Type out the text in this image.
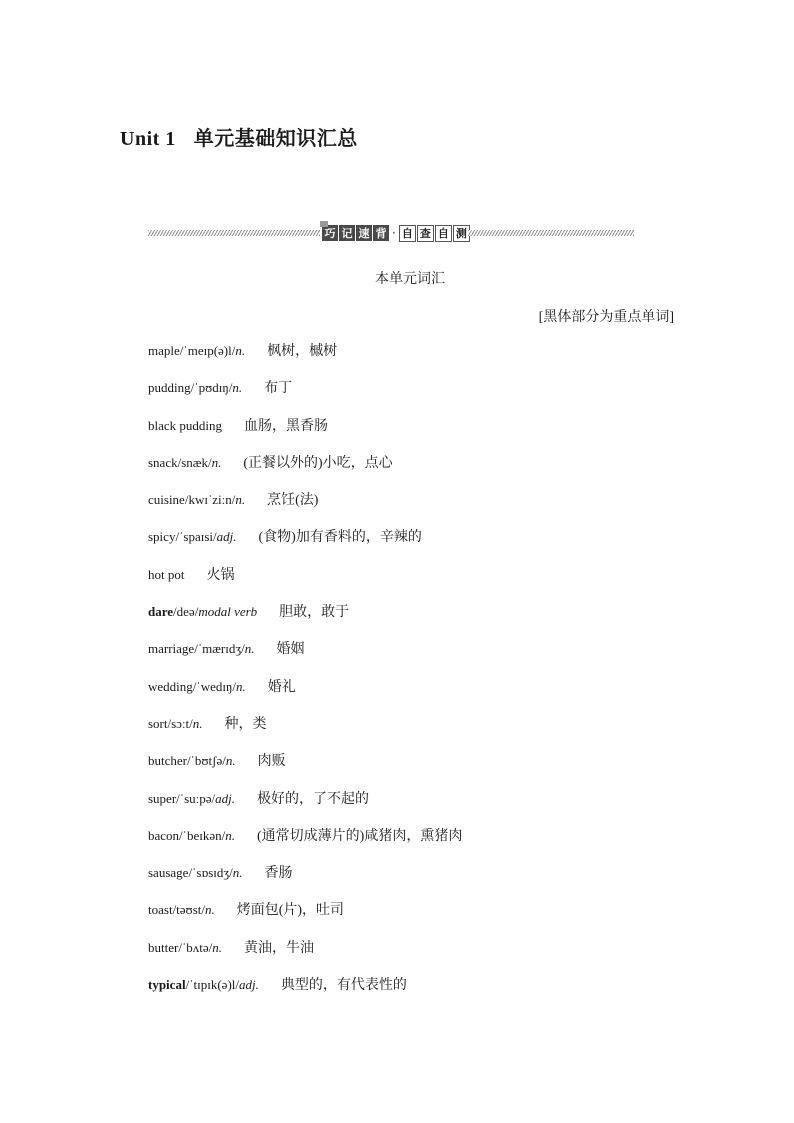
Unit 1 单元基础知识汇总
巧 记 速 背 · 自 查 自 测
本单元词汇
[黑体部分为重点单词]
maple/ˈmeɪp(ə)l/n. 枫树，槭树
pudding/ˈpʊdɪŋ/n. 布丁
black pudding 血肠，黑香肠
snack/snæk/n. (正餐以外的)小吃，点心
cuisine/kwɪˈziːn/n. 烹饪(法)
spicy/ˈspaɪsi/adj. (食物)加有香料的，辛辣的
hot pot 火锅
dare/deə/modal verb 胆敢，敢于
marriage/ˈmærɪdʒ/n. 婚姻
wedding/ˈwedɪŋ/n. 婚礼
sort/sɔːt/n. 种，类
butcher/ˈbʊtʃə/n. 肉贩
super/ˈsuːpə/adj. 极好的，了不起的
bacon/ˈbeɪkən/n. (通常切成薄片的)咸猪肉，熏猪肉
sausage/ˈsɒsɪdʒ/n. 香肠
toast/təʊst/n. 烤面包(片)，吐司
butter/ˈbʌtə/n. 黄油，牛油
typical/ˈtɪpɪk(ə)l/adj. 典型的，有代表性的
